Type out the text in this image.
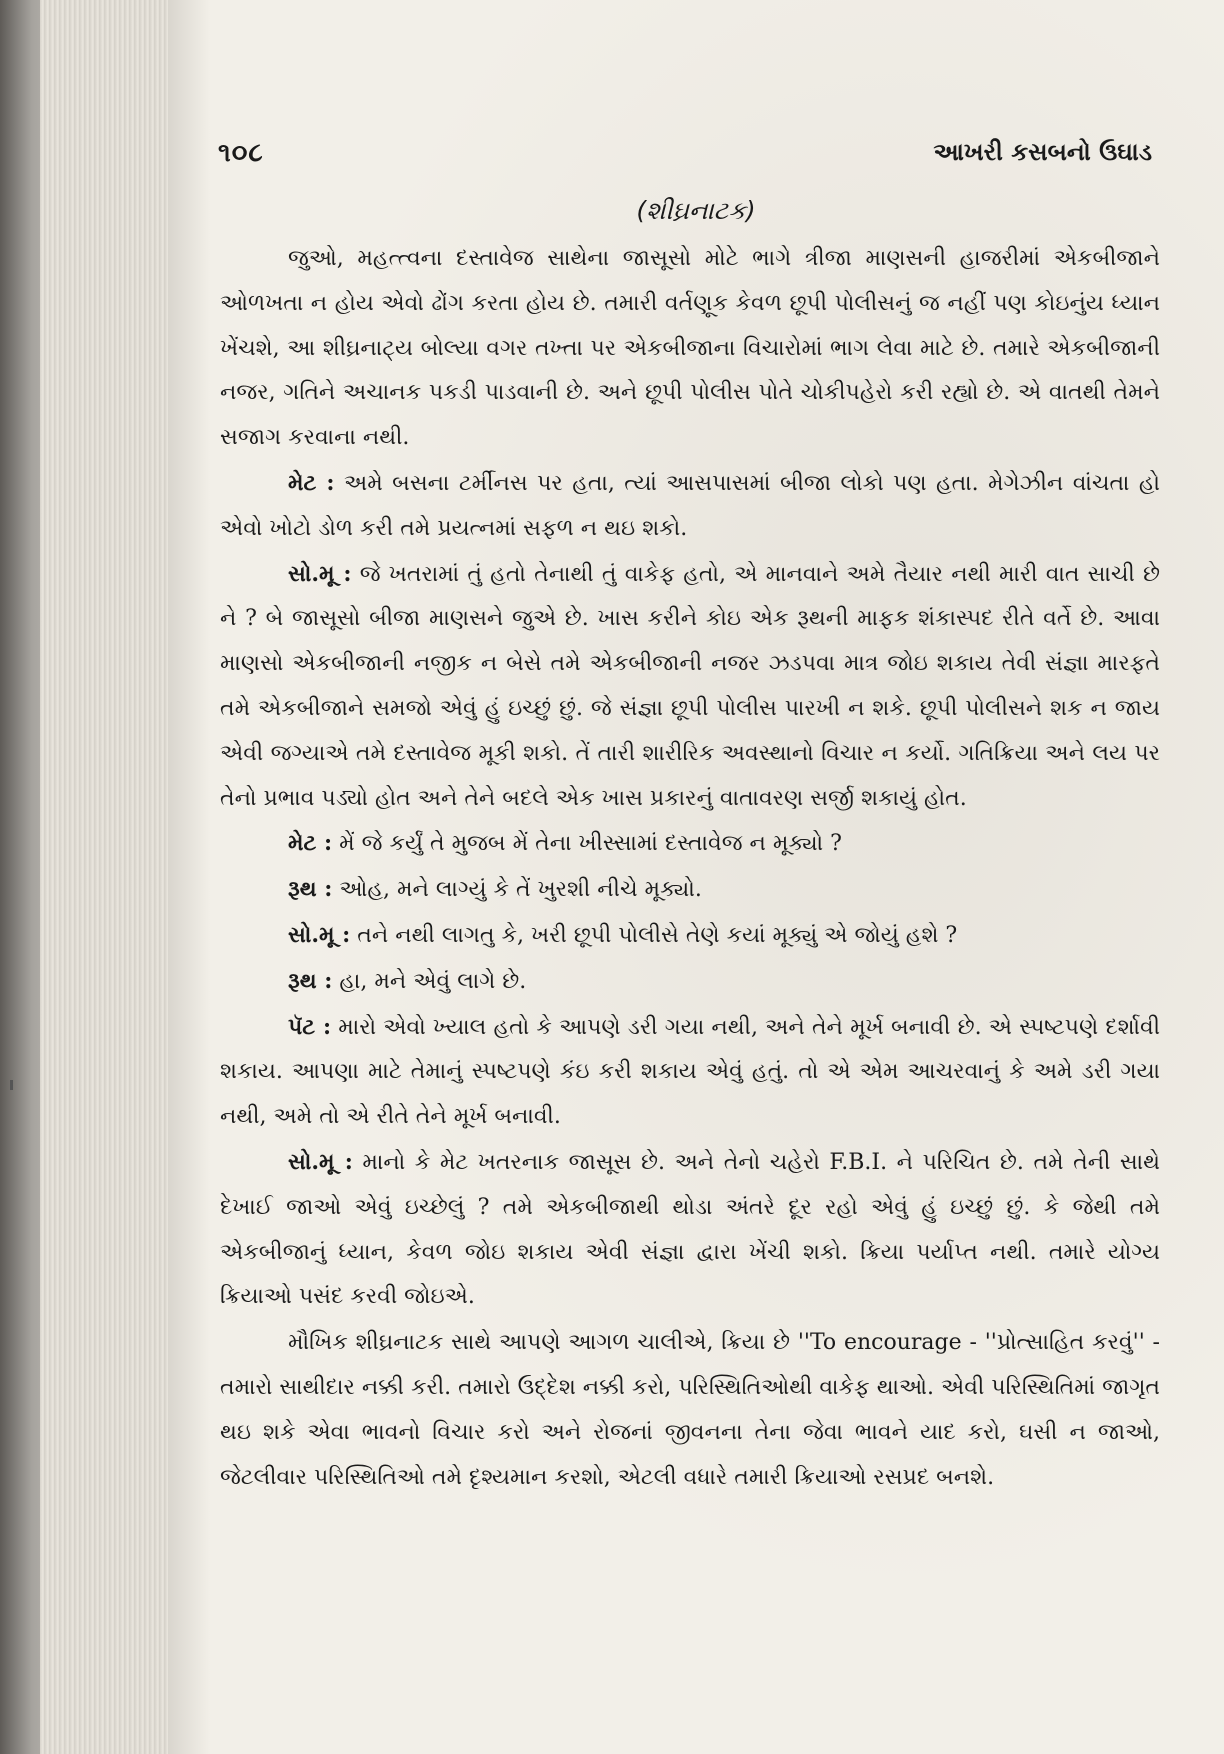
૧૦૮	આખરી કસબનો ઉઘાડ
(શીઘ્રનાટક)

જુઓ, મહત્ત્વના દસ્તાવેજ સાથેના જાસૂસો મોટે ભાગે ત્રીજા માણસની હાજરીમાં એકબીજાને ઓળખતા ન હોય એવો ઢોંગ કરતા હોય છે. તમારી વર્તણૂક કેવળ છૂપી પોલીસનું જ નહીં પણ કોઇનુંય ધ્યાન ખેંચશે, આ શીઘ્રનાટ્ય બોલ્યા વગર તખ્તા પર એકબીજાના વિચારોમાં ભાગ લેવા માટે છે. તમારે એકબીજાની નજર, ગતિને અચાનક પકડી પાડવાની છે. અને છૂપી પોલીસ પોતે ચોકીપહેરો કરી રહ્યો છે. એ વાતથી તેમને સજાગ કરવાના નથી.

મેટ : અમે બસના ટર્મીનસ પર હતા, ત્યાં આસપાસમાં બીજા લોકો પણ હતા. મેગેઝીન વાંચતા હો એવો ખોટો ડોળ કરી તમે પ્રયત્નમાં સફળ ન થઇ શકો.

સો.મૂ : જે ખતરામાં તું હતો તેનાથી તું વાકેફ હતો, એ માનવાને અમે તૈયાર નથી મારી વાત સાચી છે ને ? બે જાસૂસો બીજા માણસને જુએ છે. ખાસ કરીને કોઇ એક રૂથની માફક શંકાસ્પદ રીતે વર્તે છે. આવા માણસો એકબીજાની નજીક ન બેસે તમે એકબીજાની નજર ઝડપવા માત્ર જોઇ શકાય તેવી સંજ્ઞા મારફતે તમે એકબીજાને સમજો એવું હું ઇચ્છું છું. જે સંજ્ઞા છૂપી પોલીસ પારખી ન શકે. છૂપી પોલીસને શક ન જાય એવી જગ્યાએ તમે દસ્તાવેજ મૂકી શકો. તેં તારી શારીરિક અવસ્થાનો વિચાર ન કર્યો. ગતિક્રિયા અને લય પર તેનો પ્રભાવ પડ્યો હોત અને તેને બદલે એક ખાસ પ્રકારનું વાતાવરણ સર્જી શકાયું હોત.

મેટ : મેં જે કર્યું તે મુજબ મેં તેના ખીસ્સામાં દસ્તાવેજ ન મૂક્યો ?

રૂથ : ઓહ, મને લાગ્યું કે તેં ખુરશી નીચે મૂક્યો.

સો.મૂ : તને નથી લાગતુ કે, ખરી છૂપી પોલીસે તેણે કયાં મૂક્યું એ જોયું હશે ?

રૂથ : હા, મને એવું લાગે છે.

પૅટ : મારો એવો ખ્યાલ હતો કે આપણે ડરી ગયા નથી, અને તેને મૂર્ખ બનાવી છે. એ સ્પષ્ટપણે દર્શાવી શકાય. આપણા માટે તેમાનું સ્પષ્ટપણે કંઇ કરી શકાય એવું હતું. તો એ એમ આચરવાનું કે અમે ડરી ગયા નથી, અમે તો એ રીતે તેને મૂર્ખ બનાવી.

સો.મૂ : માનો કે મેટ ખતરનાક જાસૂસ છે. અને તેનો ચહેરો F.B.I. ને પરિચિત છે. તમે તેની સાથે દેખાઈ જાઓ એવું ઇચ્છેલું ? તમે એકબીજાથી થોડા અંતરે દૂર રહો એવું હું ઇચ્છું છું. કે જેથી તમે એકબીજાનું ધ્યાન, કેવળ જોઇ શકાય એવી સંજ્ઞા દ્વારા ખેંચી શકો. ક્રિયા પર્યાપ્ત નથી. તમારે યોગ્ય ક્રિયાઓ પસંદ કરવી જોઇએ.

મૌખિક શીઘ્રનાટક સાથે આપણે આગળ ચાલીએ, ક્રિયા છે ''To encourage - ''પ્રોત્સાહિત કરવું'' - તમારો સાથીદાર નક્કી કરી. તમારો ઉદ્દેશ નક્કી કરો, પરિસ્થિતિઓથી વાકેફ થાઓ. એવી પરિસ્થિતિમાં જાગૃત થઇ શકે એવા ભાવનો વિચાર કરો અને રોજનાં જીવનના તેના જેવા ભાવને યાદ કરો, ઘસી ન જાઓ, જેટલીવાર પરિસ્થિતિઓ તમે દૃશ્યમાન કરશો, એટલી વધારે તમારી ક્રિયાઓ રસપ્રદ બનશે.
